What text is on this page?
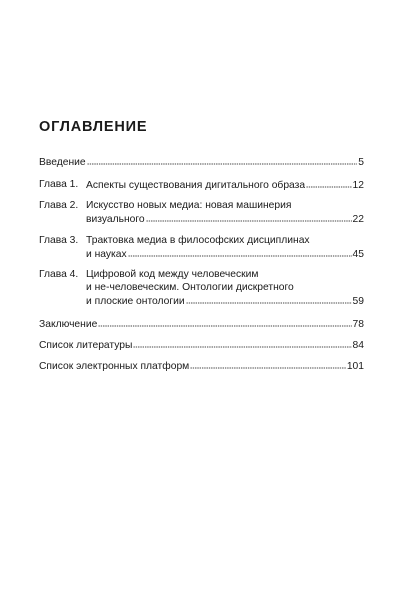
ОГЛАВЛЕНИЕ
Введение	5
Глава 1. Аспекты существования дигитального образа	12
Глава 2. Искусство новых медиа: новая машинерия
визуального	22
Глава 3. Трактовка медиа в философских дисциплинах
и науках	45
Глава 4. Цифровой код между человеческим
и не-человеческим. Онтологии дискретного
и плоские онтологии	59
Заключение	78
Список литературы	84
Список электронных платформ	101
